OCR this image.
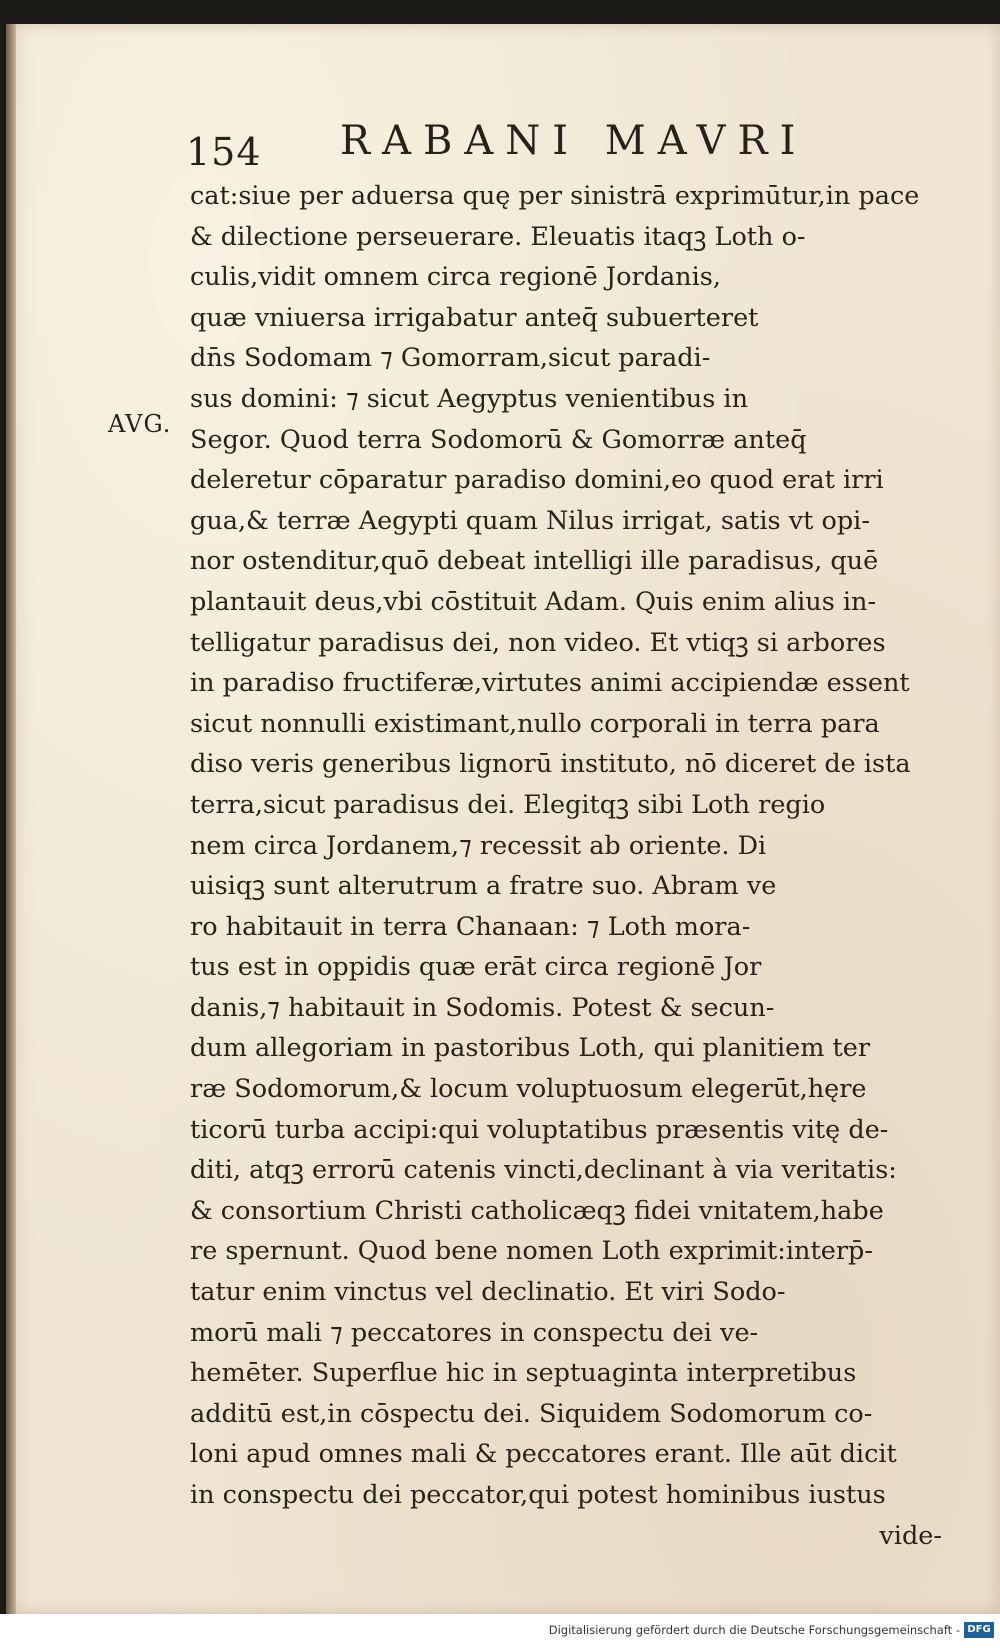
154 RABANI MAVRI
AVG.
cat:siue per aduersa quę per sinistrā exprimūtur,in pace
& dilectione perseuerare. Eleuatis itaqꝫ Loth o-
culis,vidit omnem circa regionē Jordanis,
quæ vniuersa irrigabatur anteq̄ subuerteret
dn̄s Sodomam ⁊ Gomorram,sicut paradi-
sus domini: ⁊ sicut Aegyptus venientibus in
Segor. Quod terra Sodomorū & Gomorræ anteq̄
deleretur cōparatur paradiso domini,eo quod erat irri
gua,& terræ Aegypti quam Nilus irrigat, satis vt opi-
nor ostenditur,quō debeat intelligi ille paradisus, quē
plantauit deus,vbi cōstituit Adam. Quis enim alius in-
telligatur paradisus dei, non video. Et vtiqꝫ si arbores
in paradiso fructiferæ,virtutes animi accipiendæ essent
sicut nonnulli existimant,nullo corporali in terra para
diso veris generibus lignorū instituto, nō diceret de ista
terra,sicut paradisus dei. Elegitqꝫ sibi Loth regio
nem circa Jordanem,⁊ recessit ab oriente. Di
uisiqꝫ sunt alterutrum a fratre suo. Abram ve
ro habitauit in terra Chanaan: ⁊ Loth mora-
tus est in oppidis quæ erāt circa regionē Jor
danis,⁊ habitauit in Sodomis. Potest & secun-
dum allegoriam in pastoribus Loth, qui planitiem ter
ræ Sodomorum,& locum voluptuosum elegerūt,hęre
ticorū turba accipi:qui voluptatibus præsentis vitę de-
diti, atqꝫ errorū catenis vincti,declinant à via veritatis:
& consortium Christi catholicæqꝫ fidei vnitatem,habe
re spernunt. Quod bene nomen Loth exprimit:interp̄-
tatur enim vinctus vel declinatio. Et viri Sodo-
morū mali ⁊ peccatores in conspectu dei ve-
hemēter. Superflue hic in septuaginta interpretibus
additū est,in cōspectu dei. Siquidem Sodomorum co-
loni apud omnes mali & peccatores erant. Ille aūt dicit
in conspectu dei peccator,qui potest hominibus iustus
vide-
Digitalisierung gefördert durch die Deutsche Forschungsgemeinschaft - DFG
